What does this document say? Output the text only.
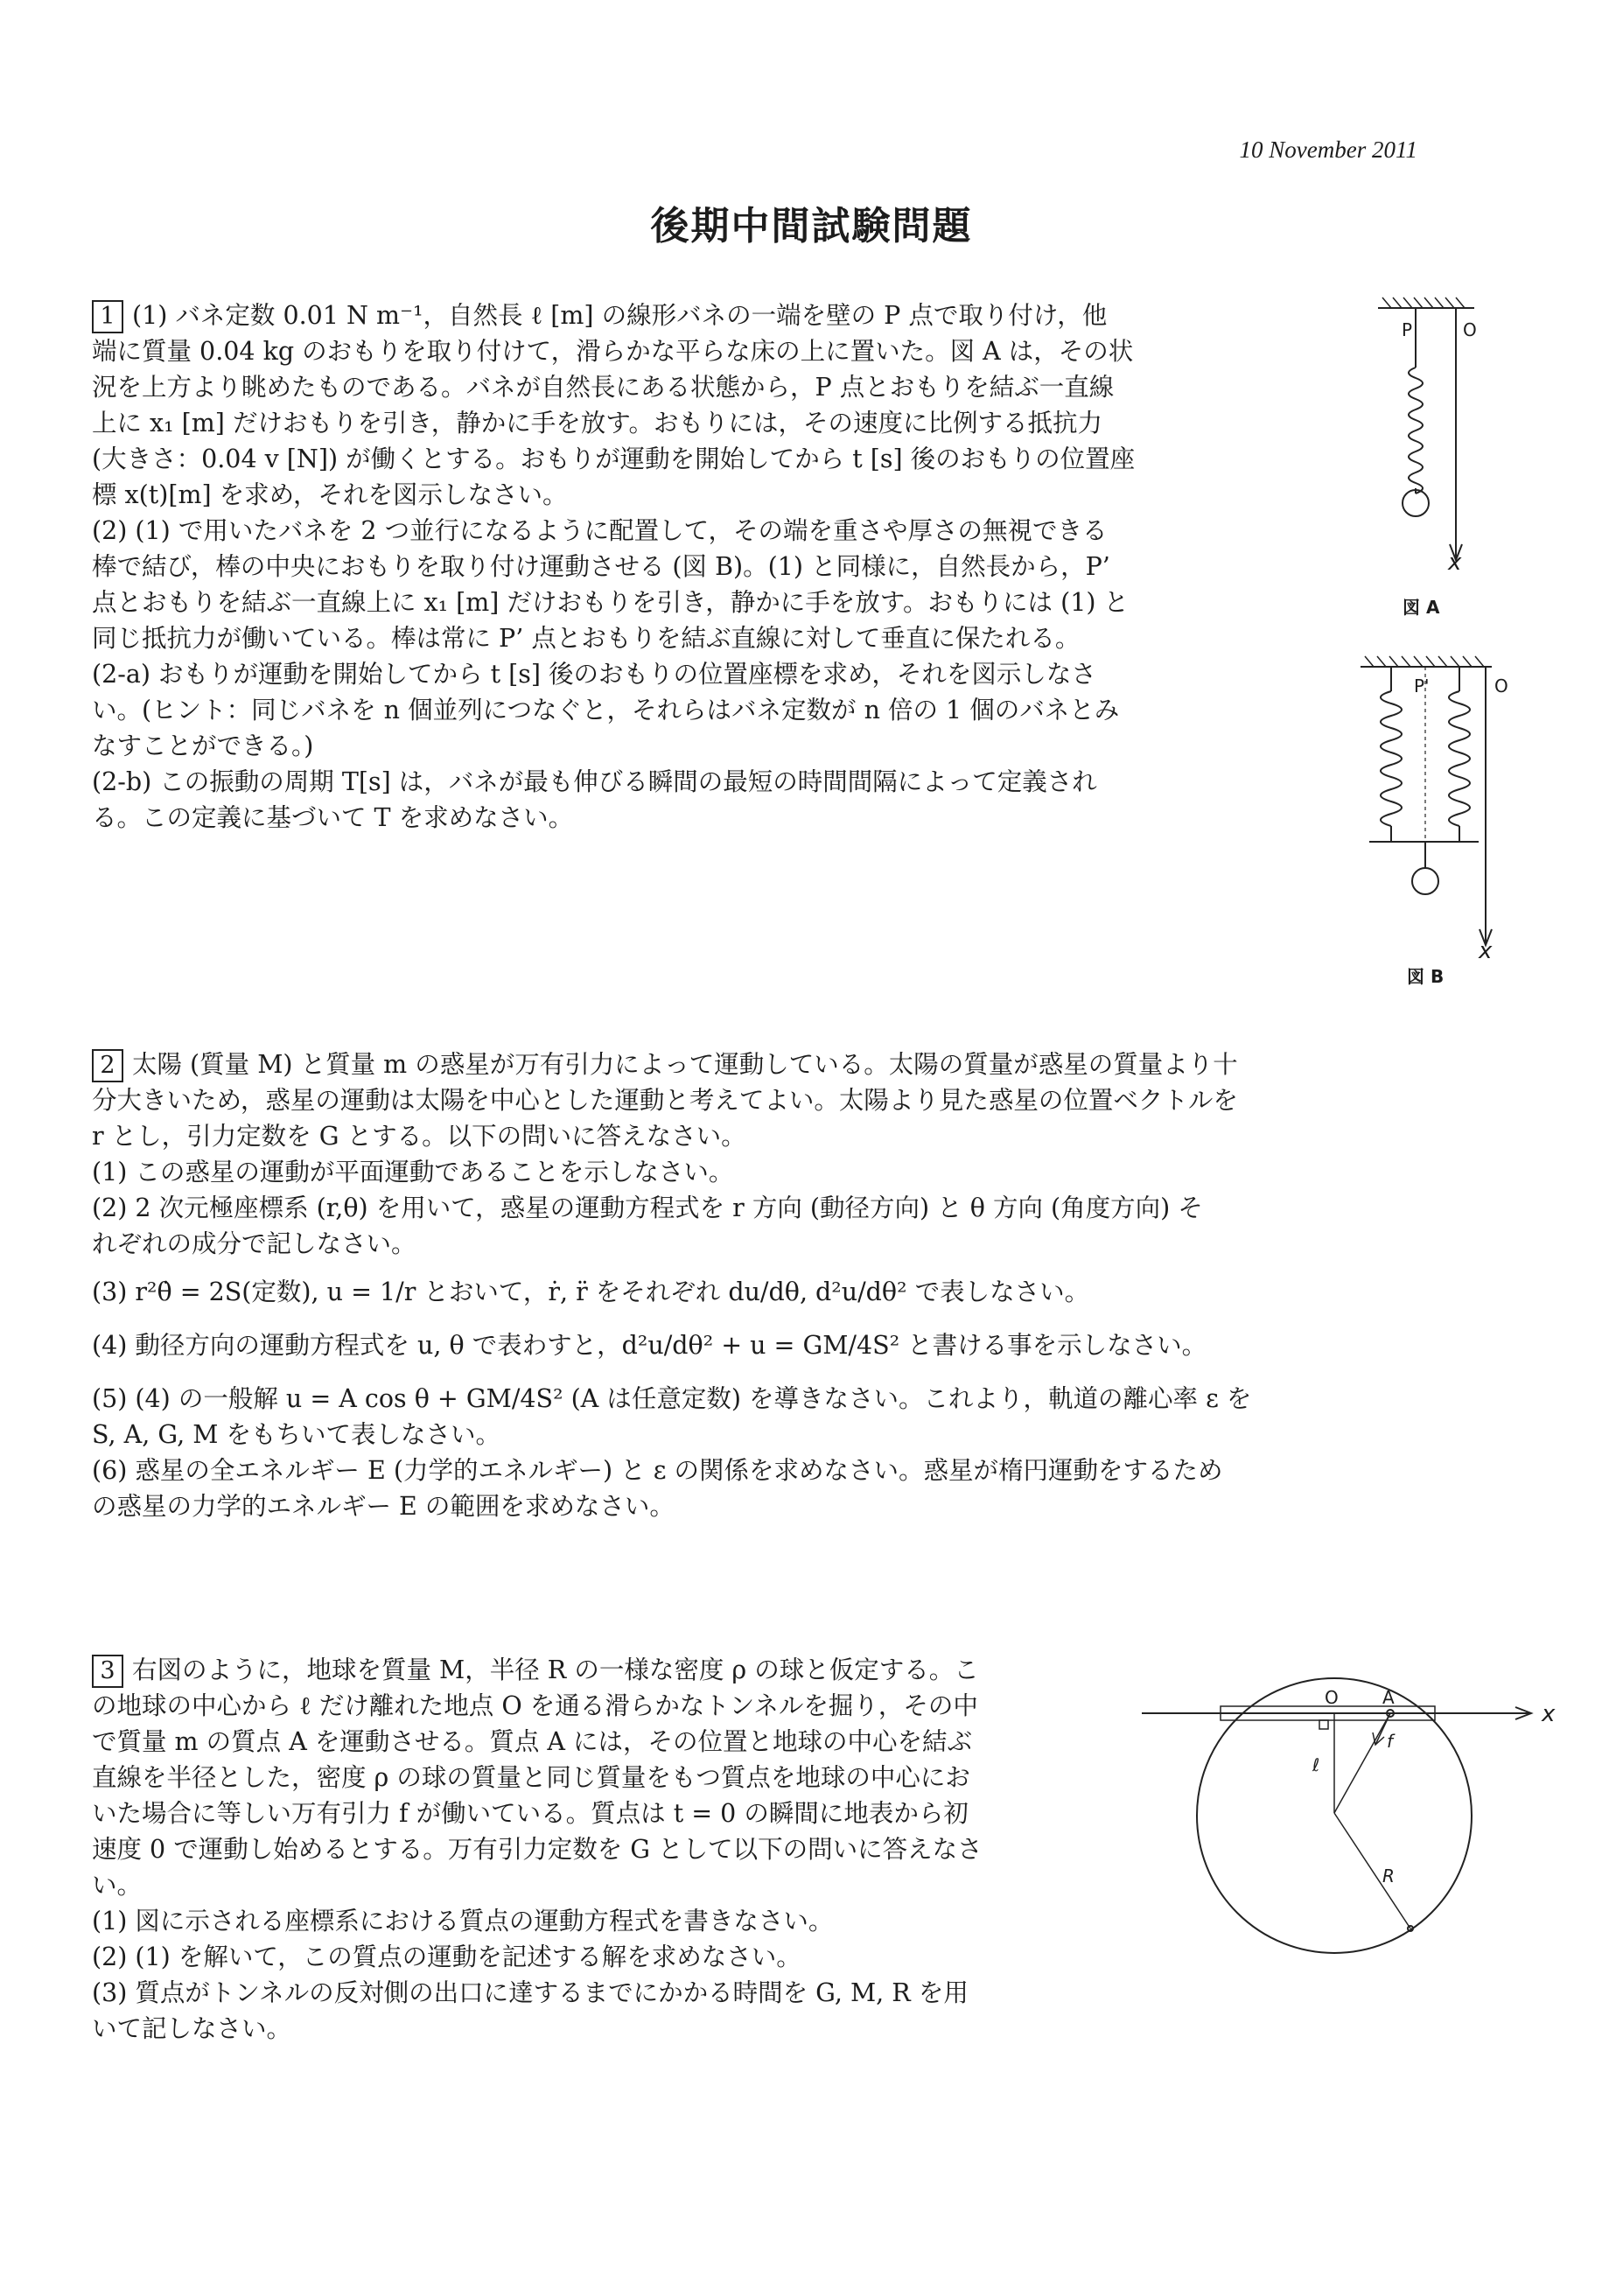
10 November 2011
後期中間試験問題

1 (1) バネ定数 0.01 N m⁻¹，自然長 ℓ [m] の線形バネの一端を壁の P 点で取り付け，他

端に質量 0.04 kg のおもりを取り付けて，滑らかな平らな床の上に置いた。図 A は，その状

況を上方より眺めたものである。バネが自然長にある状態から，P 点とおもりを結ぶ一直線

上に x₁ [m] だけおもりを引き，静かに手を放す。おもりには，その速度に比例する抵抗力

(大きさ：0.04 v [N]) が働くとする。おもりが運動を開始してから t [s] 後のおもりの位置座

標 x(t)[m] を求め，それを図示しなさい。

(2) (1) で用いたバネを 2 つ並行になるように配置して，その端を重さや厚さの無視できる

棒で結び，棒の中央におもりを取り付け運動させる (図 B)。(1) と同様に，自然長から，P’

点とおもりを結ぶ一直線上に x₁ [m] だけおもりを引き，静かに手を放す。おもりには (1) と

同じ抵抗力が働いている。棒は常に P’ 点とおもりを結ぶ直線に対して垂直に保たれる。

(2-a) おもりが運動を開始してから t [s] 後のおもりの位置座標を求め，それを図示しなさ

い。(ヒント：同じバネを n 個並列につなぐと，それらはバネ定数が n 倍の 1 個のバネとみ

なすことができる。)

(2-b) この振動の周期 T[s] は，バネが最も伸びる瞬間の最短の時間間隔によって定義され

る。この定義に基づいて T を求めなさい。

P	O
x
図 A
P'	O
x
図 B

2 太陽 (質量 M) と質量 m の惑星が万有引力によって運動している。太陽の質量が惑星の質量より十

分大きいため，惑星の運動は太陽を中心とした運動と考えてよい。太陽より見た惑星の位置ベクトルを

r とし，引力定数を G とする。以下の問いに答えなさい。

(1) この惑星の運動が平面運動であることを示しなさい。

(2) 2 次元極座標系 (r,θ) を用いて，惑星の運動方程式を r 方向 (動径方向) と θ 方向 (角度方向) そ

れぞれの成分で記しなさい。

(3) r²θ̇ = 2S(定数), u = 1/r とおいて，ṙ, r̈ をそれぞれ du/dθ, d²u/dθ² で表しなさい。

(4) 動径方向の運動方程式を u, θ で表わすと，d²u/dθ² + u = GM/4S² と書ける事を示しなさい。

(5) (4) の一般解 u = A cos θ + GM/4S² (A は任意定数) を導きなさい。これより，軌道の離心率 ε を

S, A, G, M をもちいて表しなさい。

(6) 惑星の全エネルギー E (力学的エネルギー) と ε の関係を求めなさい。惑星が楕円運動をするため

の惑星の力学的エネルギー E の範囲を求めなさい。

3 右図のように，地球を質量 M，半径 R の一様な密度 ρ の球と仮定する。こ

の地球の中心から ℓ だけ離れた地点 O を通る滑らかなトンネルを掘り，その中

で質量 m の質点 A を運動させる。質点 A には，その位置と地球の中心を結ぶ

直線を半径とした，密度 ρ の球の質量と同じ質量をもつ質点を地球の中心にお

いた場合に等しい万有引力 f が働いている。質点は t = 0 の瞬間に地表から初

速度 0 で運動し始めるとする。万有引力定数を G として以下の問いに答えなさ

い。

(1) 図に示される座標系における質点の運動方程式を書きなさい。

(2) (1) を解いて，この質点の運動を記述する解を求めなさい。

(3) 質点がトンネルの反対側の出口に達するまでにかかる時間を G, M, R を用

いて記しなさい。

O	A
x
f
ℓ
R
